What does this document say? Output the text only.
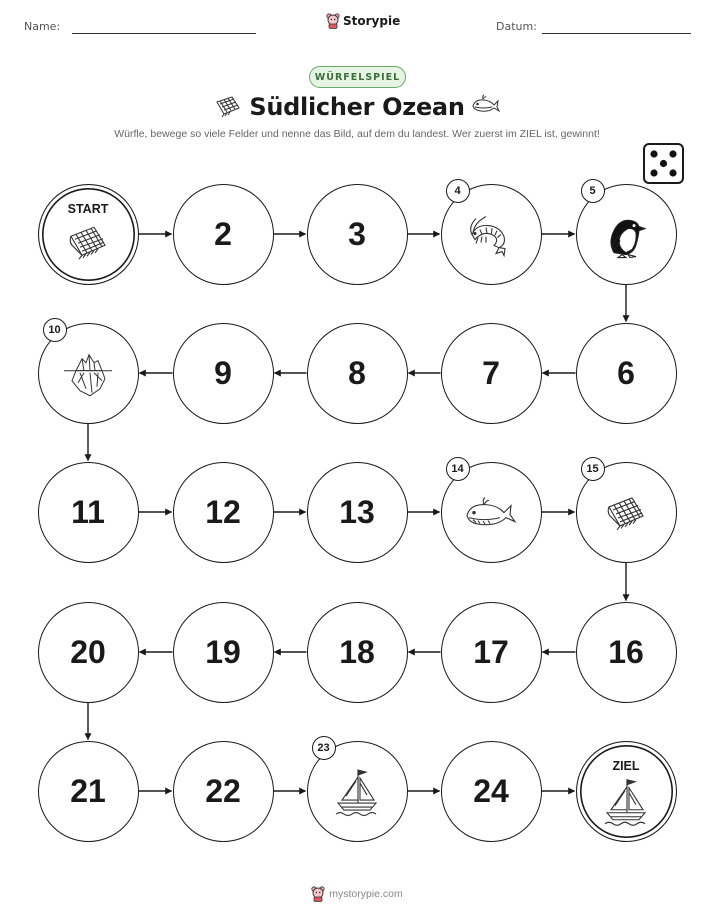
Name:	Storypie	Datum:
WÜRFELSPIEL
Südlicher Ozean
Würfle, bewege so viele Felder und nenne das Bild, auf dem du landest. Wer zuerst im ZIEL ist, gewinnt!
START
2	3
4	5
6
7
8
9
10
11	12	13
14	15
16
17
18
19
20
21	22
23
24
ZIEL
mystorypie.com
